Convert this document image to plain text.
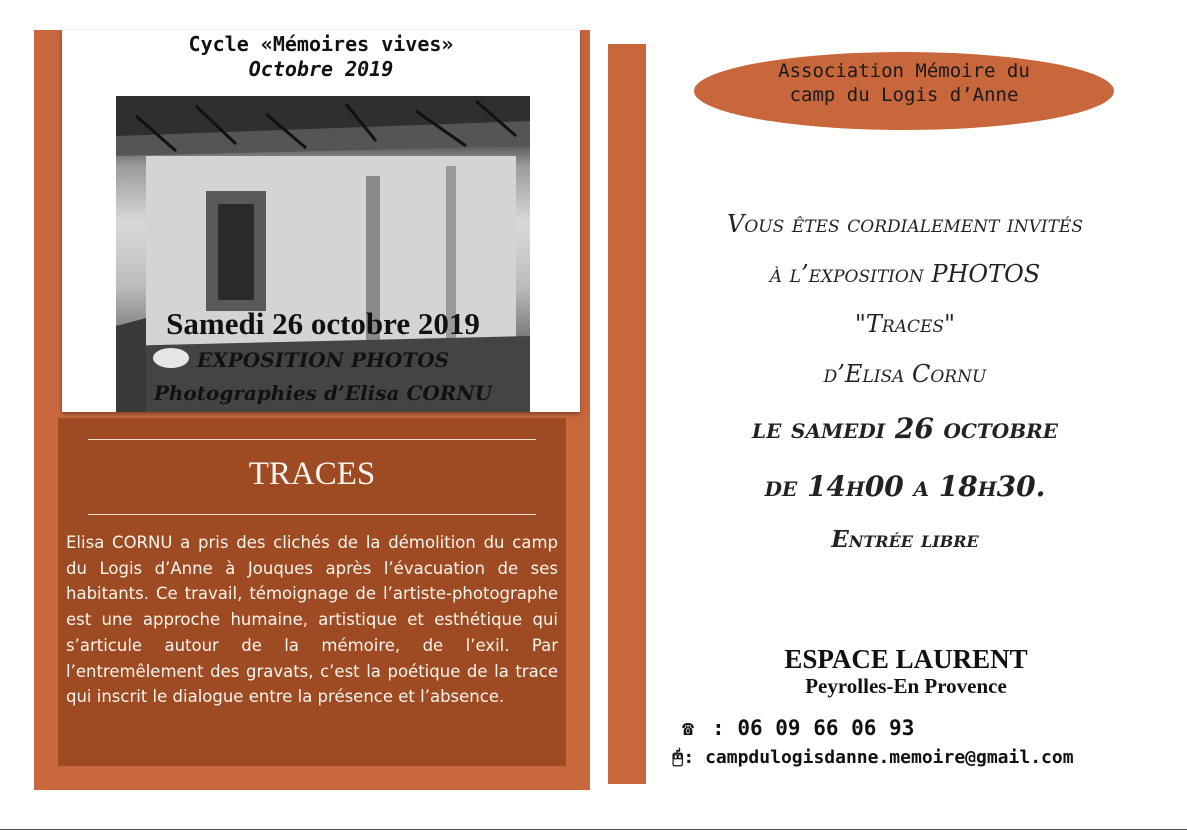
Cycle «Mémoires vives»
Octobre 2019
Samedi 26 octobre 2019
EXPOSITION PHOTOS
Photographies d’Elisa CORNU
TRACES
Elisa CORNU a pris des clichés de la démolition du camp du Logis d’Anne à Jouques après l’évacuation de ses habitants. Ce travail, témoignage de l’artiste-photographe est une approche humaine, artistique et esthétique qui s’articule autour de la mémoire, de l’exil. Par l’entremêlement des gravats, c’est la poétique de la trace qui inscrit le dialogue entre la présence et l’absence.
Association Mémoire du
camp du Logis d’Anne
Vous êtes cordialement invités
à l’exposition PHOTOS
"Traces"
d’Elisa Cornu
le samedi 26 octobre
de 14h00 a 18h30.
Entrée libre
ESPACE LAURENT
Peyrolles-En Provence
☎ : 06 09 66 06 93
🖰: campdulogisdanne.memoire@gmail.com
